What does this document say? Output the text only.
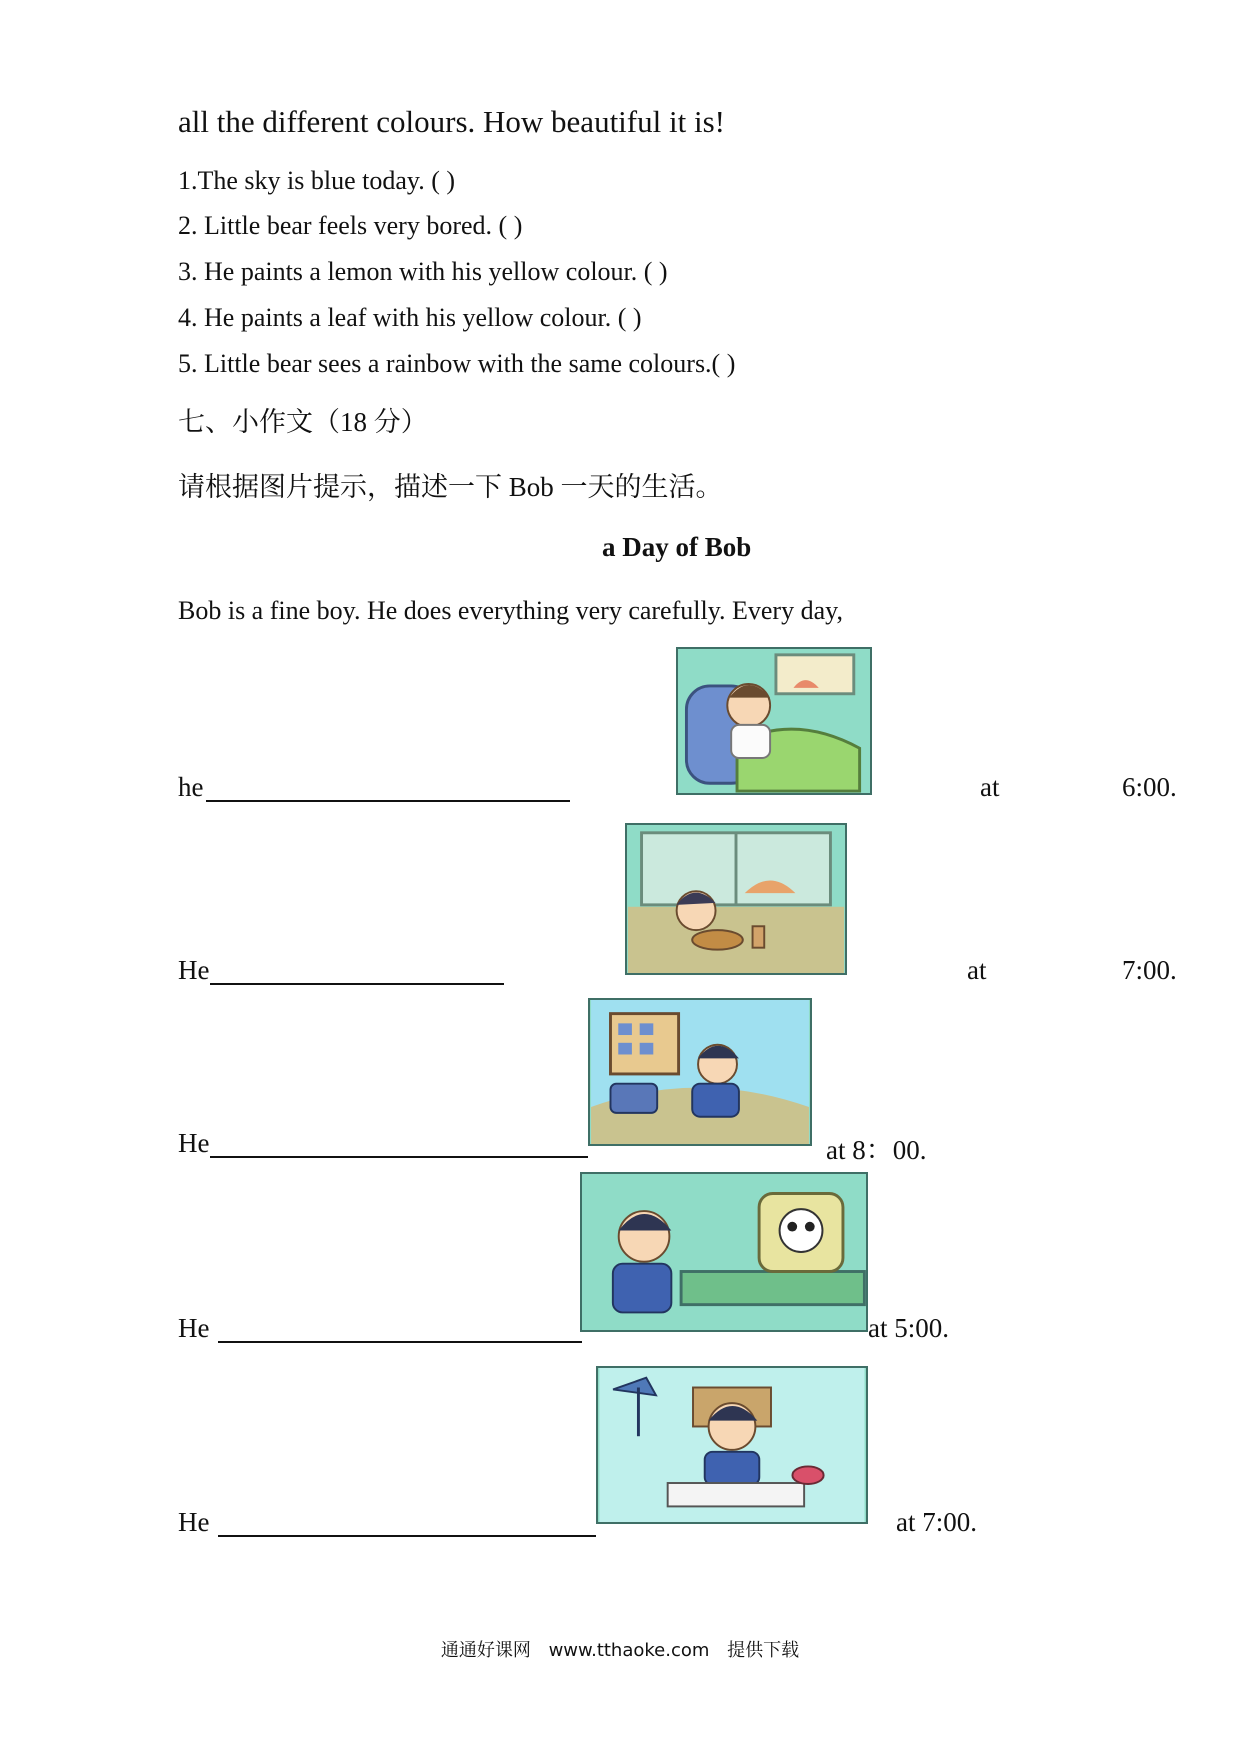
all the different colours. How beautiful it is!
1.The sky is blue today. ( )
2. Little bear feels very bored. ( )
3. He paints a lemon with his yellow colour. ( )
4. He paints a leaf with his yellow colour. ( )
5. Little bear sees a rainbow with the same colours.( )
七、小作文（18 分）
请根据图片提示，描述一下 Bob 一天的生活。
a Day of Bob
Bob is a fine boy. He does everything very carefully. Every day,
he	at	6:00.
He	at	7:00.
He	at 8：00.
He	at 5:00.
He	at 7:00.
通通好课网 www.tthaoke.com 提供下载
